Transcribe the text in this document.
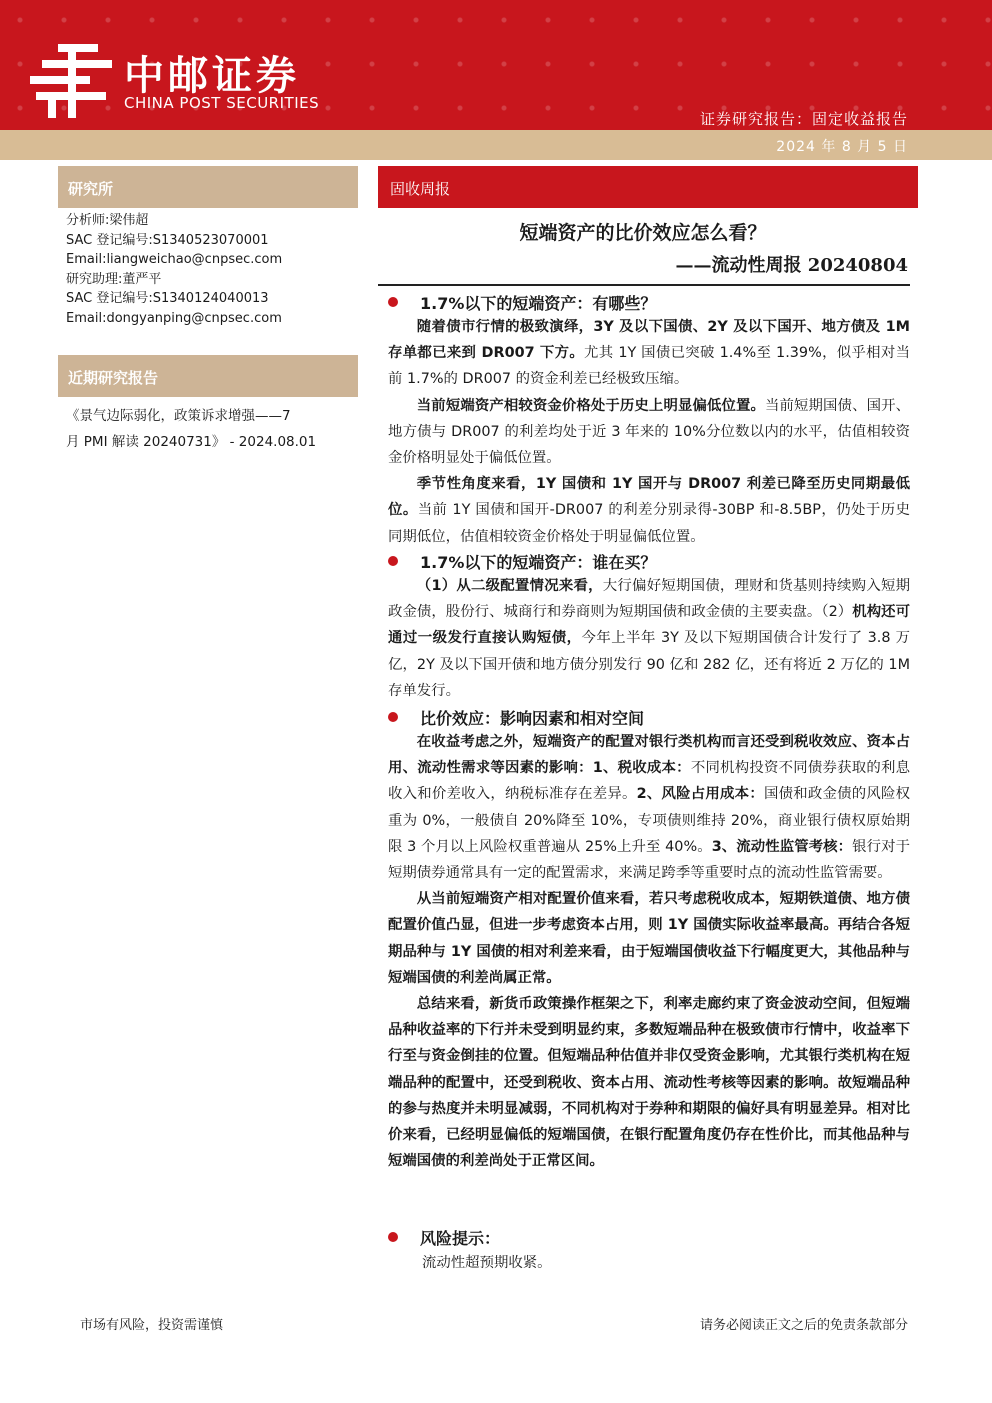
中邮证券
CHINA POST SECURITIES
证券研究报告：固定收益报告
2024 年 8 月 5 日
研究所
分析师:梁伟超
SAC 登记编号:S1340523070001
Email:liangweichao@cnpsec.com
研究助理:董严平
SAC 登记编号:S1340124040013
Email:dongyanping@cnpsec.com
近期研究报告
《景气边际弱化，政策诉求增强——7
月 PMI 解读 20240731》 - 2024.08.01
固收周报
短端资产的比价效应怎么看？
——流动性周报 20240804
1.7%以下的短端资产：有哪些？

随着债市行情的极致演绎，3Y 及以下国债、2Y 及以下国开、地方债及 1M 存单都已来到 DR007 下方。尤其 1Y 国债已突破 1.4%至 1.39%，似乎相对当前 1.7%的 DR007 的资金利差已经极致压缩。

当前短端资产相较资金价格处于历史上明显偏低位置。当前短期国债、国开、地方债与 DR007 的利差均处于近 3 年来的 10%分位数以内的水平，估值相较资金价格明显处于偏低位置。

季节性角度来看，1Y 国债和 1Y 国开与 DR007 利差已降至历史同期最低位。当前 1Y 国债和国开-DR007 的利差分别录得-30BP 和-8.5BP，仍处于历史同期低位，估值相较资金价格处于明显偏低位置。

1.7%以下的短端资产：谁在买？

（1）从二级配置情况来看，大行偏好短期国债，理财和货基则持续购入短期政金债，股份行、城商行和券商则为短期国债和政金债的主要卖盘。（2）机构还可通过一级发行直接认购短债，今年上半年 3Y 及以下短期国债合计发行了 3.8 万亿，2Y 及以下国开债和地方债分别发行 90 亿和 282 亿，还有将近 2 万亿的 1M 存单发行。

比价效应：影响因素和相对空间

在收益考虑之外，短端资产的配置对银行类机构而言还受到税收效应、资本占用、流动性需求等因素的影响：1、税收成本：不同机构投资不同债券获取的利息收入和价差收入，纳税标准存在差异。2、风险占用成本：国债和政金债的风险权重为 0%，一般债自 20%降至 10%，专项债则维持 20%，商业银行债权原始期限 3 个月以上风险权重普遍从 25%上升至 40%。3、流动性监管考核：银行对于短期债券通常具有一定的配置需求，来满足跨季等重要时点的流动性监管需要。

从当前短端资产相对配置价值来看，若只考虑税收成本，短期铁道债、地方债配置价值凸显，但进一步考虑资本占用，则 1Y 国债实际收益率最高。再结合各短期品种与 1Y 国债的相对利差来看，由于短端国债收益下行幅度更大，其他品种与短端国债的利差尚属正常。

总结来看，新货币政策操作框架之下，利率走廊约束了资金波动空间，但短端品种收益率的下行并未受到明显约束，多数短端品种在极致债市行情中，收益率下行至与资金倒挂的位置。但短端品种估值并非仅受资金影响，尤其银行类机构在短端品种的配置中，还受到税收、资本占用、流动性考核等因素的影响。故短端品种的参与热度并未明显减弱，不同机构对于券种和期限的偏好具有明显差异。相对比价来看，已经明显偏低的短端国债，在银行配置角度仍存在性价比，而其他品种与短端国债的利差尚处于正常区间。

风险提示：
流动性超预期收紧。
市场有风险，投资需谨慎	请务必阅读正文之后的免责条款部分
